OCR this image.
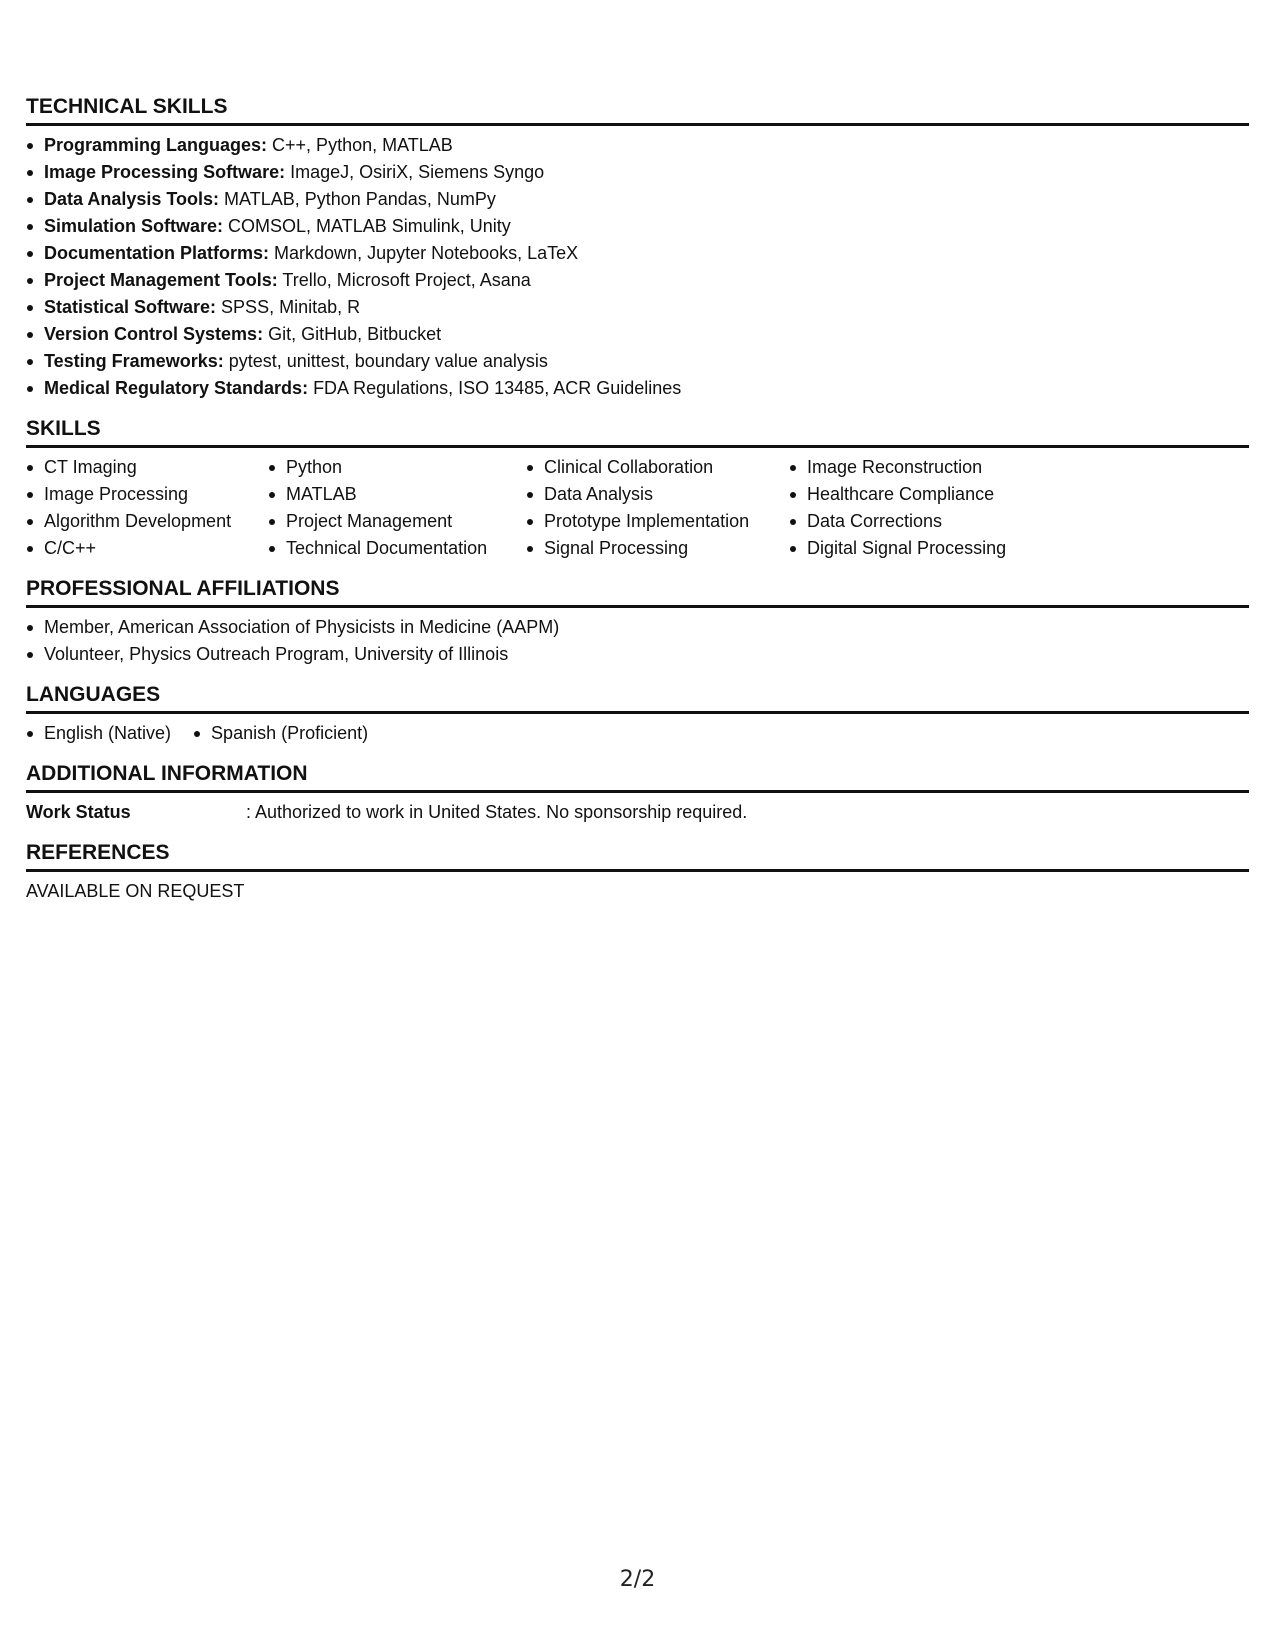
TECHNICAL SKILLS
Programming Languages: C++, Python, MATLAB
Image Processing Software: ImageJ, OsiriX, Siemens Syngo
Data Analysis Tools: MATLAB, Python Pandas, NumPy
Simulation Software: COMSOL, MATLAB Simulink, Unity
Documentation Platforms: Markdown, Jupyter Notebooks, LaTeX
Project Management Tools: Trello, Microsoft Project, Asana
Statistical Software: SPSS, Minitab, R
Version Control Systems: Git, GitHub, Bitbucket
Testing Frameworks: pytest, unittest, boundary value analysis
Medical Regulatory Standards: FDA Regulations, ISO 13485, ACR Guidelines
SKILLS
CT Imaging
Image Processing
Algorithm Development
C/C++
Python
MATLAB
Project Management
Technical Documentation
Clinical Collaboration
Data Analysis
Prototype Implementation
Signal Processing
Image Reconstruction
Healthcare Compliance
Data Corrections
Digital Signal Processing
PROFESSIONAL AFFILIATIONS
Member, American Association of Physicists in Medicine (AAPM)
Volunteer, Physics Outreach Program, University of Illinois
LANGUAGES
English (Native)	Spanish (Proficient)
ADDITIONAL INFORMATION
Work Status	: Authorized to work in United States. No sponsorship required.
REFERENCES
AVAILABLE ON REQUEST
2/2
